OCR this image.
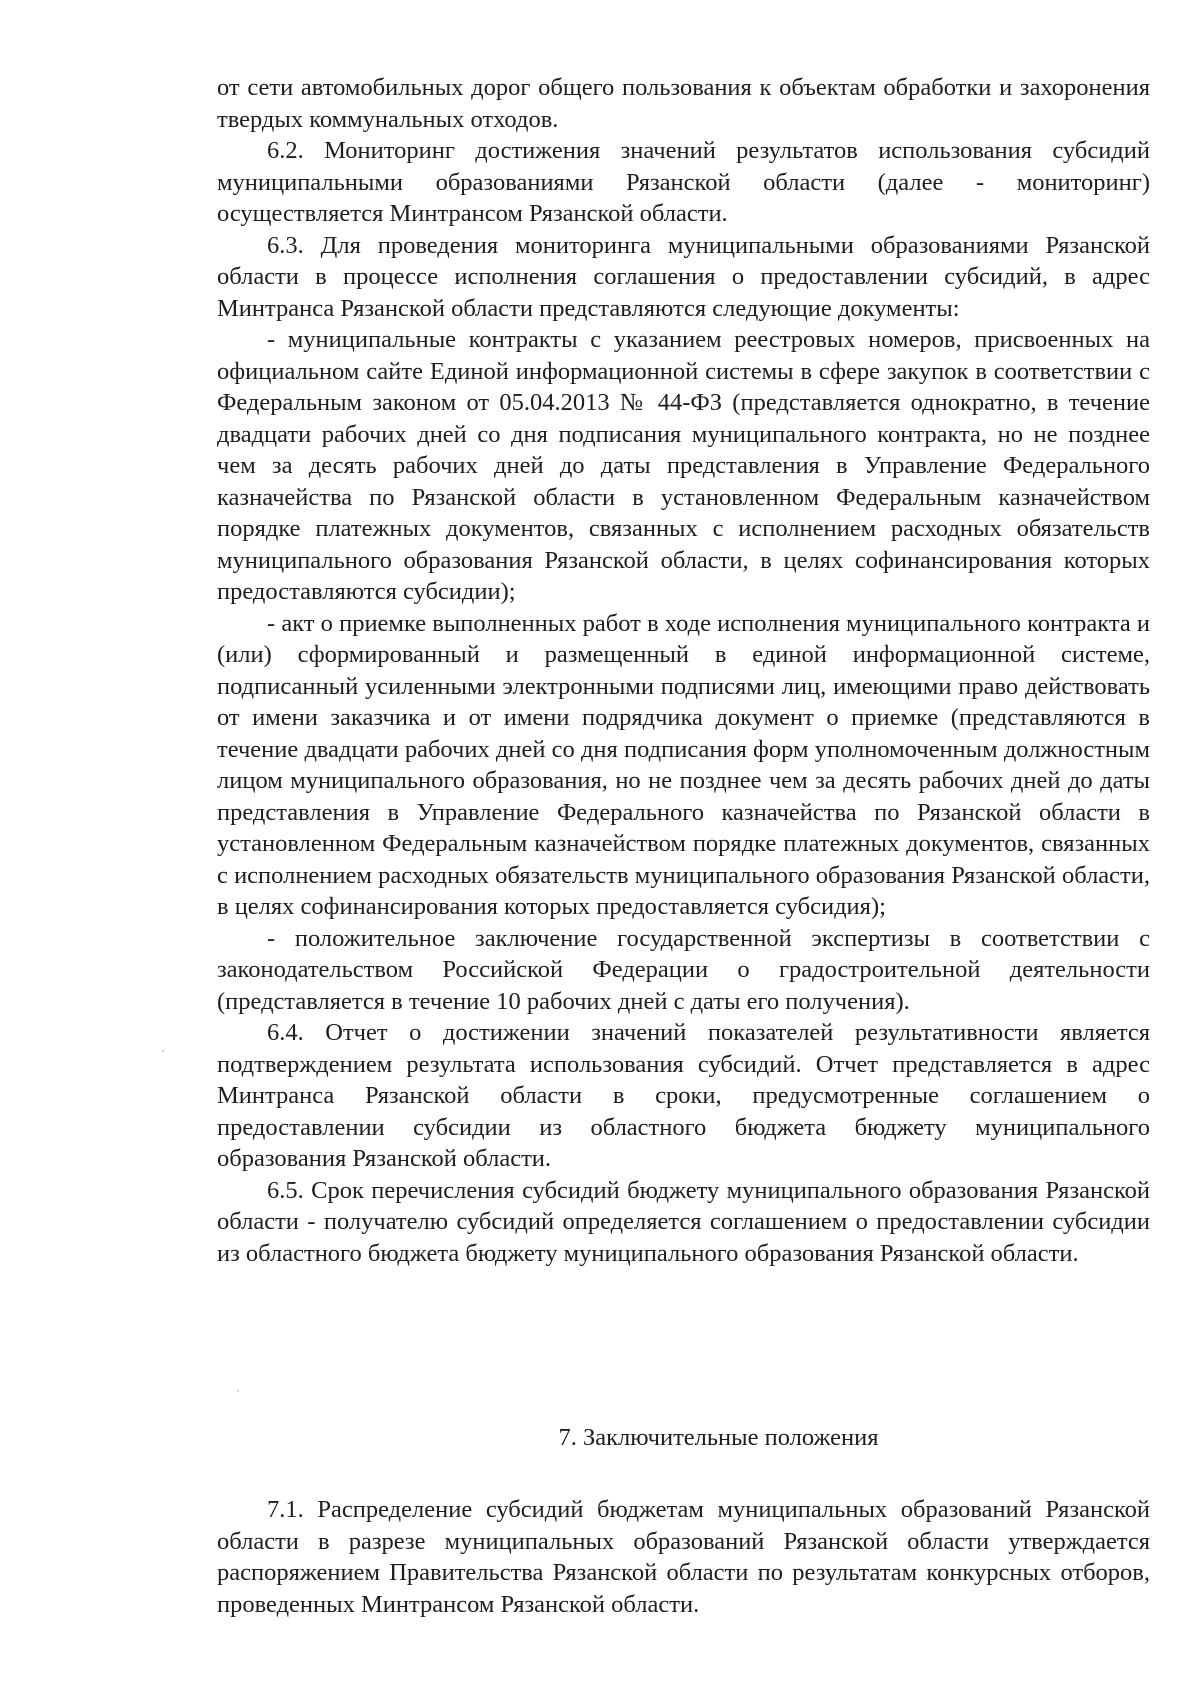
от сети автомобильных дорог общего пользования к объектам обработки и захоронения твердых коммунальных отходов.

6.2. Мониторинг достижения значений результатов использования субсидий муниципальными образованиями Рязанской области (далее - мониторинг) осуществляется Минтрансом Рязанской области.

6.3. Для проведения мониторинга муниципальными образованиями Рязанской области в процессе исполнения соглашения о предоставлении субсидий, в адрес Минтранса Рязанской области представляются следующие документы:

- муниципальные контракты с указанием реестровых номеров, присвоенных на официальном сайте Единой информационной системы в сфере закупок в соответствии с Федеральным законом от 05.04.2013 № 44-ФЗ (представляется однократно, в течение двадцати рабочих дней со дня подписания муниципального контракта, но не позднее чем за десять рабочих дней до даты представления в Управление Федерального казначейства по Рязанской области в установленном Федеральным казначейством порядке платежных документов, связанных с исполнением расходных обязательств муниципального образования Рязанской области, в целях софинансирования которых предоставляются субсидии);

- акт о приемке выполненных работ в ходе исполнения муниципального контракта и (или) сформированный и размещенный в единой информационной системе, подписанный усиленными электронными подписями лиц, имеющими право действовать от имени заказчика и от имени подрядчика документ о приемке (представляются в течение двадцати рабочих дней со дня подписания форм уполномоченным должностным лицом муниципального образования, но не позднее чем за десять рабочих дней до даты представления в Управление Федерального казначейства по Рязанской области в установленном Федеральным казначейством порядке платежных документов, связанных с исполнением расходных обязательств муниципального образования Рязанской области, в целях софинансирования которых предоставляется субсидия);

- положительное заключение государственной экспертизы в соответствии с законодательством Российской Федерации о градостроительной деятельности (представляется в течение 10 рабочих дней с даты его получения).

6.4. Отчет о достижении значений показателей результативности является подтверждением результата использования субсидий. Отчет представляется в адрес Минтранса Рязанской области в сроки, предусмотренные соглашением о предоставлении субсидии из областного бюджета бюджету муниципального образования Рязанской области.

6.5. Срок перечисления субсидий бюджету муниципального образования Рязанской области - получателю субсидий определяется соглашением о предоставлении субсидии из областного бюджета бюджету муниципального образования Рязанской области.

7. Заключительные положения

7.1. Распределение субсидий бюджетам муниципальных образований Рязанской области в разрезе муниципальных образований Рязанской области утверждается распоряжением Правительства Рязанской области по результатам конкурсных отборов, проведенных Минтрансом Рязанской области.
